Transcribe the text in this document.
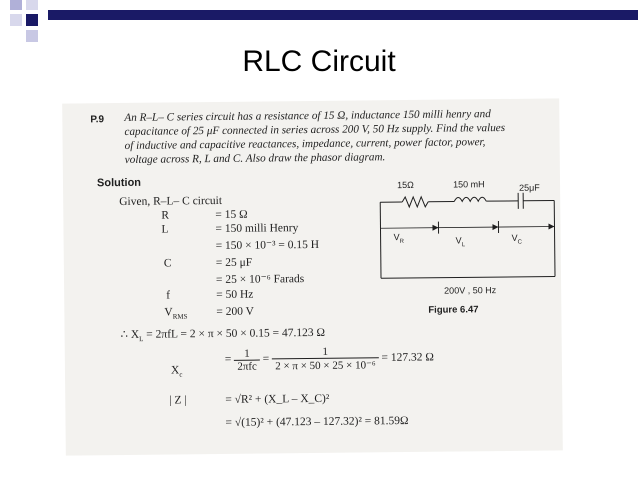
RLC Circuit
P.9 An R–L– C series circuit has a resistance of 15 Ω, inductance 150 milli henry and
capacitance of 25 μF connected in series across 200 V, 50 Hz supply. Find the values
of inductive and capacitive reactances, impedance, current, power factor, power,
voltage across R, L and C. Also draw the phasor diagram.
Solution
Given, R–L– C circuit
R	= 15 Ω
L	= 150 milli Henry
= 150 × 10⁻³ = 0.15 H
C	= 25 μF
= 25 × 10⁻⁶ Farads
f	= 50 Hz
$V_{RMS} = 200$ V
∴ $X_L = 2\pi fL = 2 \times \pi \times 50 \times 0.15 = 47.123$ Ω
$X_c$
= $\frac{1}{\text{2πfc}} = \frac{1}{\text{2 × π × 50 × 25 × 10⁻⁶}} = 127.32$ Ω
| Z |	= √R² + (X_L – X_C)²
= √(15)² + (47.123 – 127.32)² = 81.59Ω
15Ω	150 mH	25μF
$V_R$	$V_L$
$V_C$
200V , 50 Hz
Figure 6.47
